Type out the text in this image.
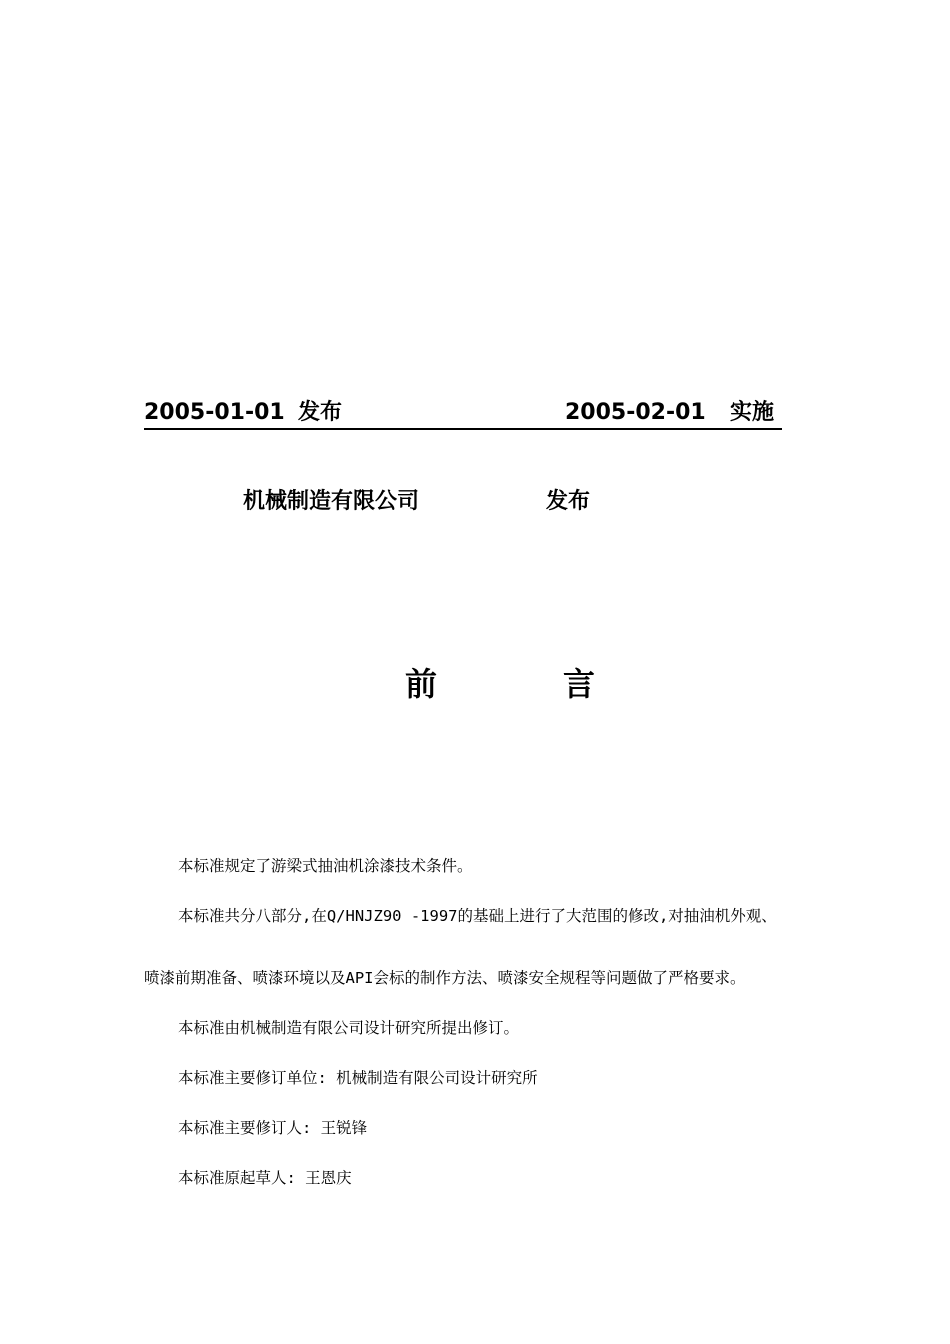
2005-01-01 发布	2005-02-01 实施
机械制造有限公司	发布
前	言
本标准规定了游梁式抽油机涂漆技术条件。
本标准共分八部分,在Q/HNJZ90 -1997的基础上进行了大范围的修改,对抽油机外观、
喷漆前期准备、喷漆环境以及API会标的制作方法、喷漆安全规程等问题做了严格要求。
本标准由机械制造有限公司设计研究所提出修订。
本标准主要修订单位: 机械制造有限公司设计研究所
本标准主要修订人: 王锐锋
本标准原起草人: 王恩庆
